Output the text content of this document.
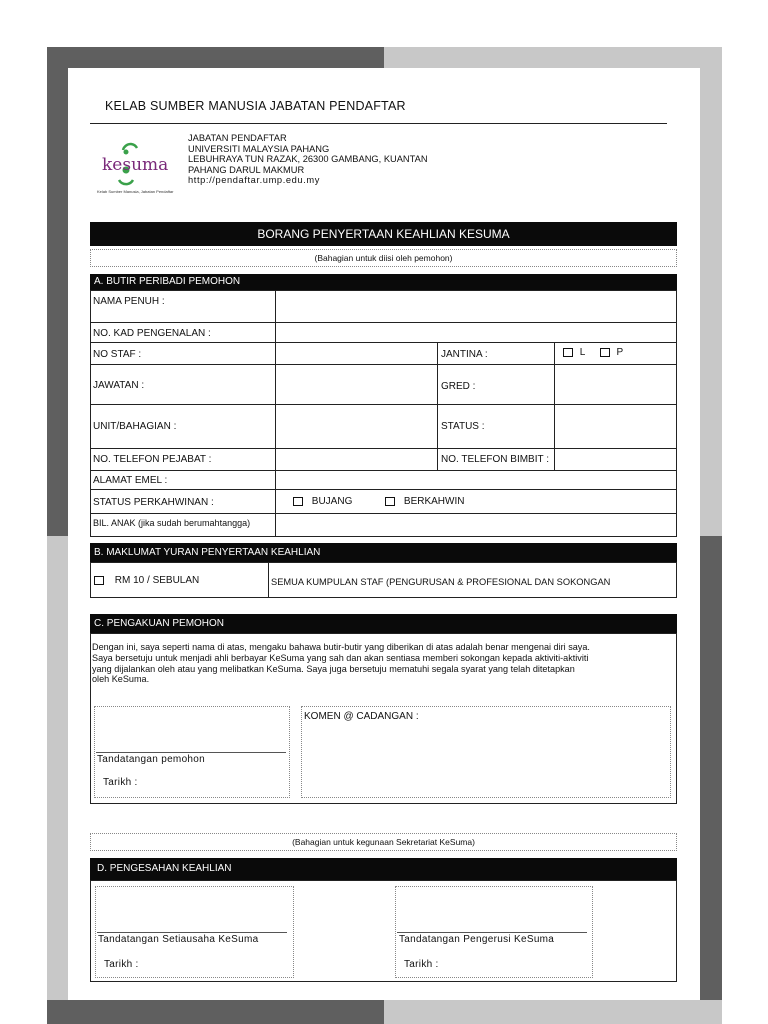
KELAB SUMBER MANUSIA JABATAN PENDAFTAR
kesuma
Kelab Sumber Manusia, Jabatan Pendaftar
JABATAN PENDAFTAR
UNIVERSITI MALAYSIA PAHANG
LEBUHRAYA TUN RAZAK, 26300 GAMBANG, KUANTAN
PAHANG DARUL MAKMUR
http://pendaftar.ump.edu.my
BORANG PENYERTAAN KEAHLIAN KESUMA
(Bahagian untuk diisi oleh pemohon)
A. BUTIR PERIBADI PEMOHON
NAMA PENUH :
NO. KAD PENGENALAN :
NO STAF :	JANTINA :	L	P
JAWATAN :	GRED :
UNIT/BAHAGIAN :	STATUS :
NO. TELEFON PEJABAT :	NO. TELEFON BIMBIT :
ALAMAT EMEL :
STATUS PERKAHWINAN :	BUJANG	BERKAHWIN
BIL. ANAK (jika sudah berumahtangga)
B. MAKLUMAT YURAN PENYERTAAN KEAHLIAN
RM 10 / SEBULAN	SEMUA KUMPULAN STAF (PENGURUSAN & PROFESIONAL DAN SOKONGAN
C. PENGAKUAN PEMOHON
Dengan ini, saya seperti nama di atas, mengaku bahawa butir-butir yang diberikan di atas adalah benar mengenai diri saya.
Saya bersetuju untuk menjadi ahli berbayar KeSuma yang sah dan akan sentiasa memberi sokongan kepada aktiviti-aktiviti
yang dijalankan oleh atau yang melibatkan KeSuma. Saya juga bersetuju mematuhi segala syarat yang telah ditetapkan
oleh KeSuma.
Tandatangan pemohon
Tarikh :
KOMEN @ CADANGAN :
(Bahagian untuk kegunaan Sekretariat KeSuma)
D. PENGESAHAN KEAHLIAN
Tandatangan Setiausaha KeSuma
Tarikh :
Tandatangan Pengerusi KeSuma
Tarikh :
